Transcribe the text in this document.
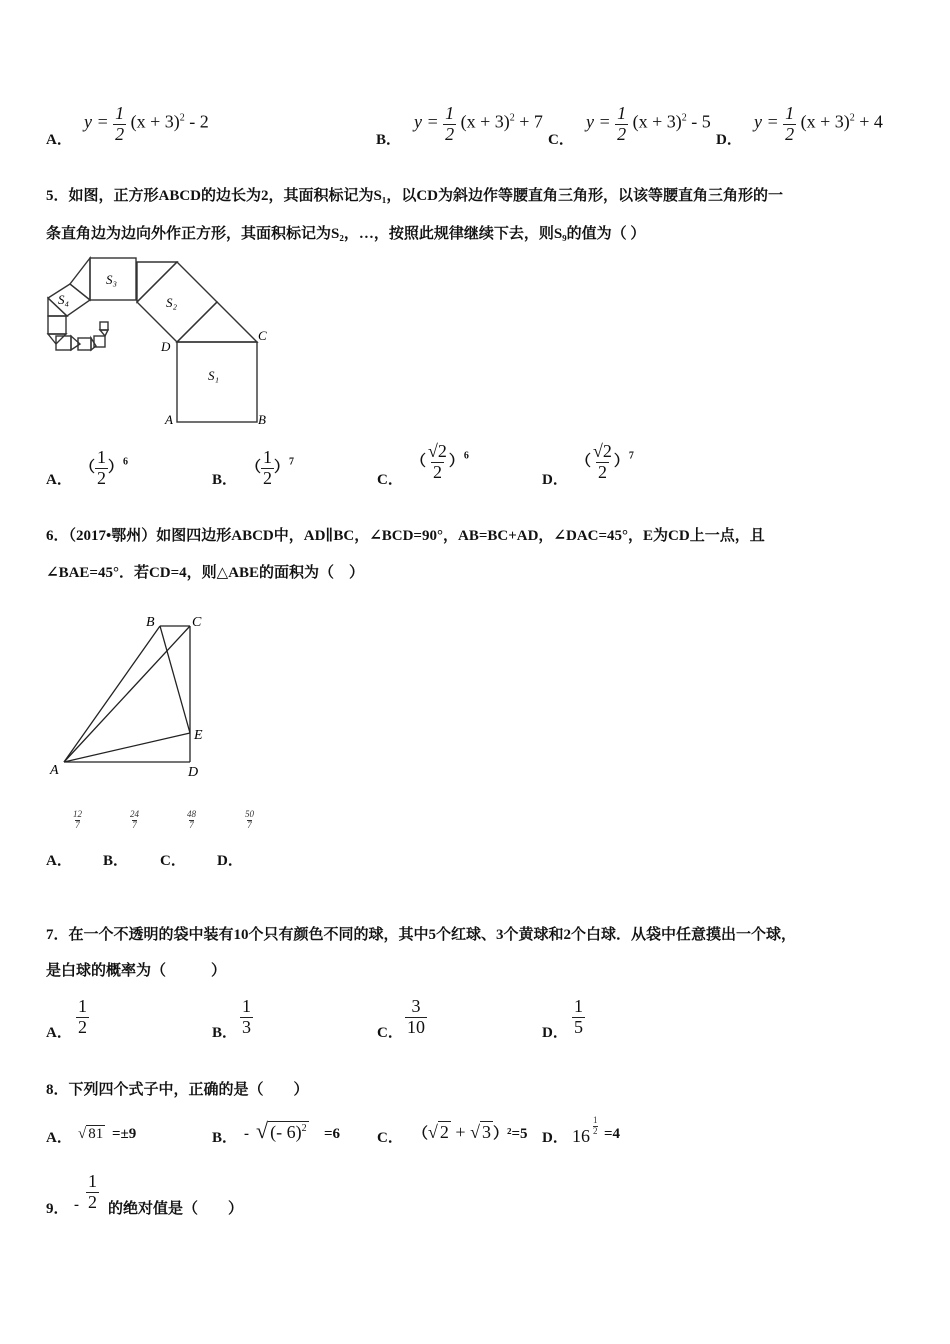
A．
$y = \frac{1}{2} (x + 3)^2 - 2$
B．
$y = \frac{1}{2} (x + 3)^2 + 7$
C．
$y = \frac{1}{2} (x + 3)^2 - 5$
D．
$y = \frac{1}{2} (x + 3)^2 + 4$
5．如图，正方形ABCD的边长为2，其面积标记为S₁，以CD为斜边作等腰直角三角形，以该等腰直角三角形的一
条直角边为边向外作正方形，其面积标记为S₂，…，按照此规律继续下去，则S₉的值为（ ）
S₁
S₂
S₃
S₄
A	B
C
D
A．
（ $\frac{1}{2} )^6$
B．
（ $\frac{1}{2} )^7$
C．
（ $\frac{√2}{2} )^6$
D．
（ $\frac{√2}{2} )^7$
6．（2017•鄂州）如图四边形ABCD中，AD∥BC，∠BCD=90°，AB=BC+AD，∠DAC=45°，E为CD上一点，且
∠BAE=45°．若CD=4，则△ABE的面积为（　）
A
B	C
D
E
12
7
24
7
48
7
50
7
A． B． C． D．
7．在一个不透明的袋中装有10个只有颜色不同的球，其中5个红球、3个黄球和2个白球．从袋中任意摸出一个球，
是白球的概率为（　　　）
A． $\frac{1}{2}$	B． $\frac{1}{3}$	C． $\frac{3}{10}$	D． $\frac{1}{5}$
8．下列四个式子中，正确的是（　　）
A． √ 81 =±9	B． - √ (- 6)$^2$ =6 C． （√ 2 + √ 3 ） ²=5 D． 16
1
2 =4
9． - $\frac{1}{2}$ 的绝对值是（　　）
